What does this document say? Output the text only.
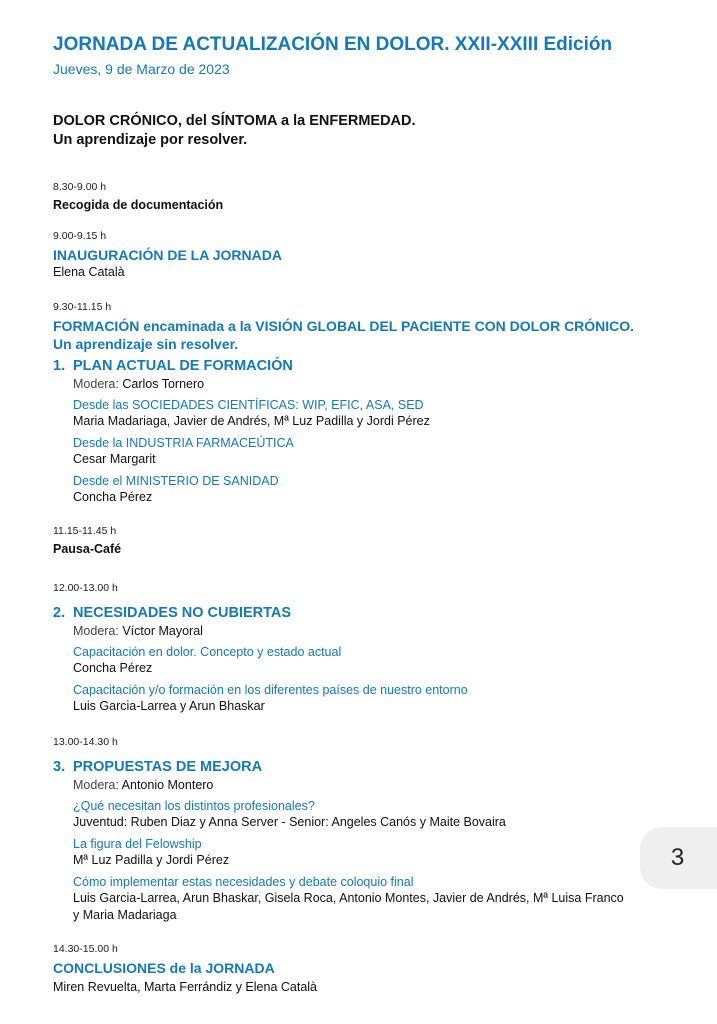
JORNADA DE ACTUALIZACIÓN EN DOLOR. XXII-XXIII Edición
Jueves, 9 de Marzo de 2023
DOLOR CRÓNICO, del SÍNTOMA a la ENFERMEDAD.
Un aprendizaje por resolver.
8.30-9.00 h
Recogida de documentación
9.00-9.15 h
INAUGURACIÓN DE LA JORNADA
Elena Català
9.30-11.15 h
FORMACIÓN encaminada a la VISIÓN GLOBAL DEL PACIENTE CON DOLOR CRÓNICO.
Un aprendizaje sin resolver.
1. PLAN ACTUAL DE FORMACIÓN
Modera: Carlos Tornero
Desde las SOCIEDADES CIENTÍFICAS: WIP, EFIC, ASA, SED
Maria Madariaga, Javier de Andrés, Mª Luz Padilla y Jordi Pérez
Desde la INDUSTRIA FARMACEÚTICA
Cesar Margarit
Desde el MINISTERIO DE SANIDAD
Concha Pérez
11.15-11.45 h
Pausa-Café
12.00-13.00 h
2. NECESIDADES NO CUBIERTAS
Modera: Víctor Mayoral
Capacitación en dolor. Concepto y estado actual
Concha Pérez
Capacitación y/o formación en los diferentes países de nuestro entorno
Luis Garcia-Larrea y Arun Bhaskar
13.00-14.30 h
3. PROPUESTAS DE MEJORA
Modera: Antonio Montero
¿Qué necesitan los distintos profesionales?
Juventud: Ruben Diaz y Anna Server - Senior: Angeles Canós y Maite Bovaira
La figura del Felowship
Mª Luz Padilla y Jordi Pérez
Cómo implementar estas necesidades y debate coloquio final
Luis Garcia-Larrea, Arun Bhaskar, Gisela Roca, Antonio Montes, Javier de Andrés, Mª Luisa Franco
y Maria Madariaga
14.30-15.00 h
CONCLUSIONES de la JORNADA
Miren Revuelta, Marta Ferrándiz y Elena Català
3
